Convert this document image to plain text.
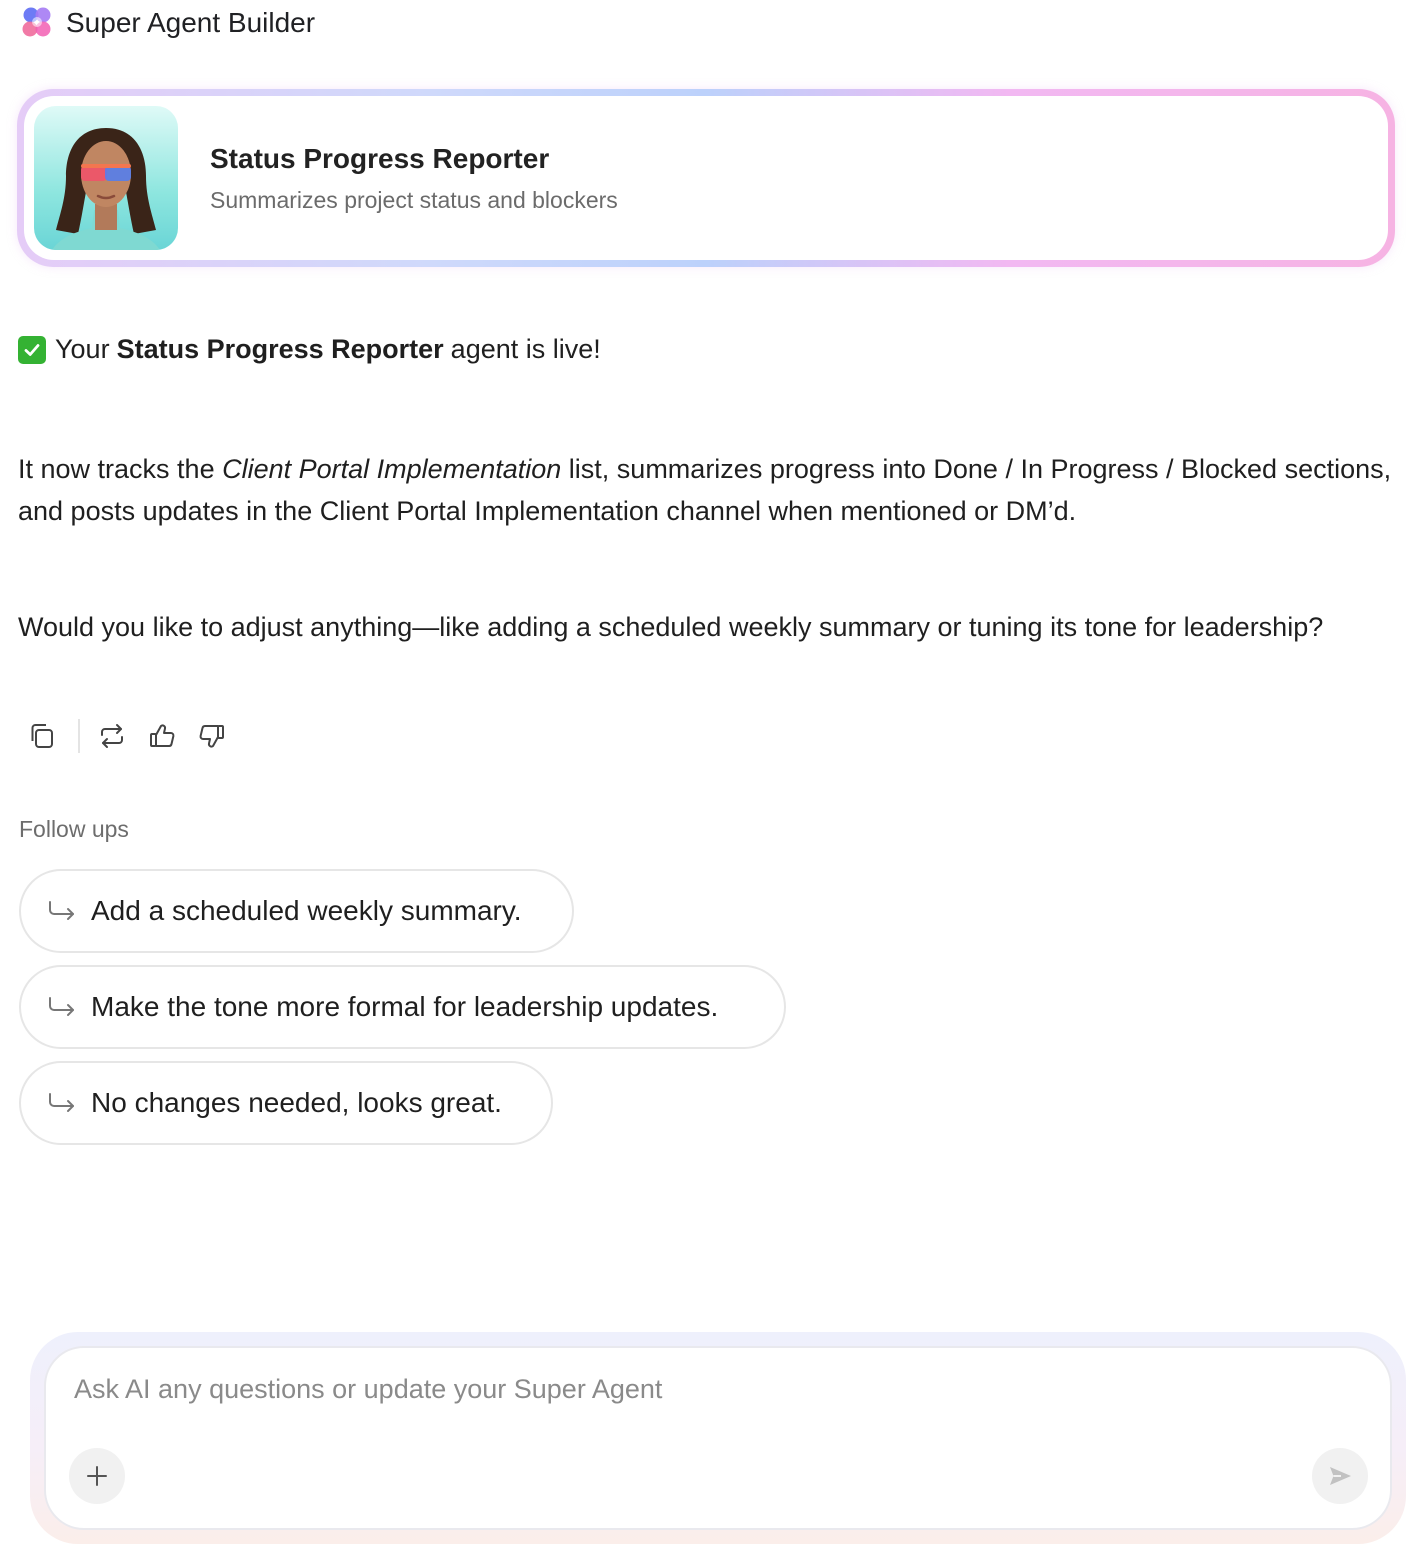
Super Agent Builder
Status Progress Reporter
Summarizes project status and blockers
Your Status Progress Reporter agent is live!
It now tracks the Client Portal Implementation list, summarizes progress into Done / In Progress / Blocked sections, and posts updates in the Client Portal Implementation channel when mentioned or DM’d.
Would you like to adjust anything—like adding a scheduled weekly summary or tuning its tone for leadership?
Follow ups
Add a scheduled weekly summary.
Make the tone more formal for leadership updates.
No changes needed, looks great.
Ask AI any questions or update your Super Agent
